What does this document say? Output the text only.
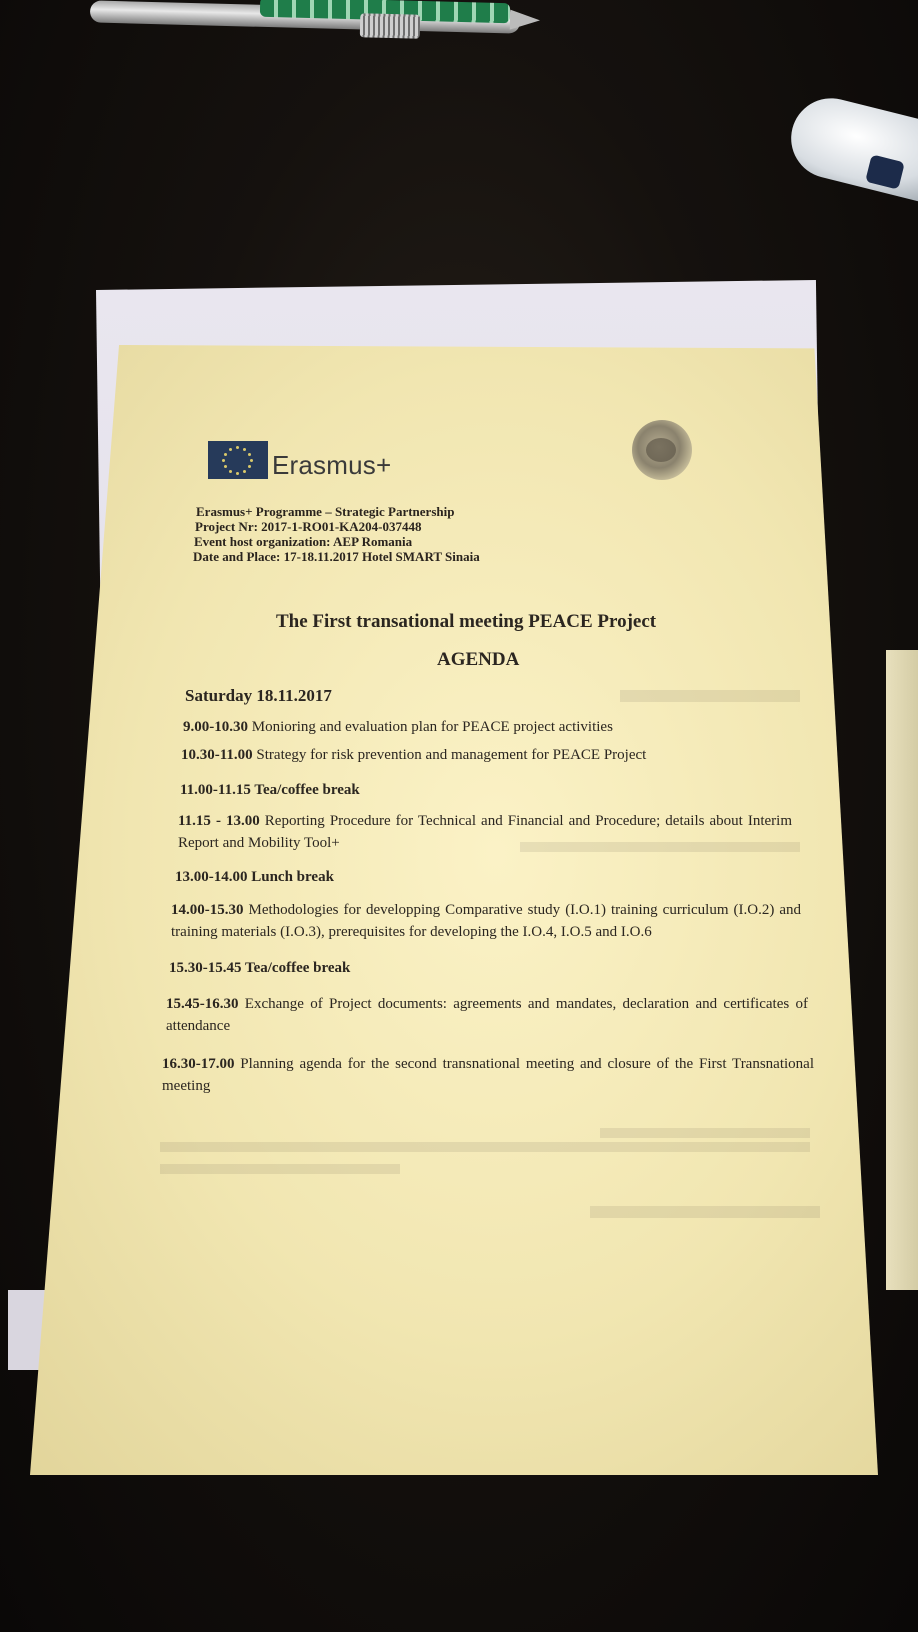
Erasmus+
Erasmus+ Programme – Strategic Partnership
Project Nr: 2017-1-RO01-KA204-037448
Event host organization: AEP Romania
Date and Place: 17-18.11.2017 Hotel SMART Sinaia
The First transational meeting PEACE Project
AGENDA
Saturday 18.11.2017
9.00-10.30 Monioring and evaluation plan for PEACE project activities
10.30-11.00 Strategy for risk prevention and management for PEACE Project
11.00-11.15 Tea/coffee break
11.15 - 13.00 Reporting Procedure for Technical and Financial and Procedure; details about Interim Report and Mobility Tool+
13.00-14.00 Lunch break
14.00-15.30 Methodologies for developping Comparative study (I.O.1) training curriculum (I.O.2) and training materials (I.O.3), prerequisites for developing the I.O.4, I.O.5 and I.O.6
15.30-15.45 Tea/coffee break
15.45-16.30 Exchange of Project documents: agreements and mandates, declaration and certificates of attendance
16.30-17.00 Planning agenda for the second transnational meeting and closure of the First Transnational meeting
